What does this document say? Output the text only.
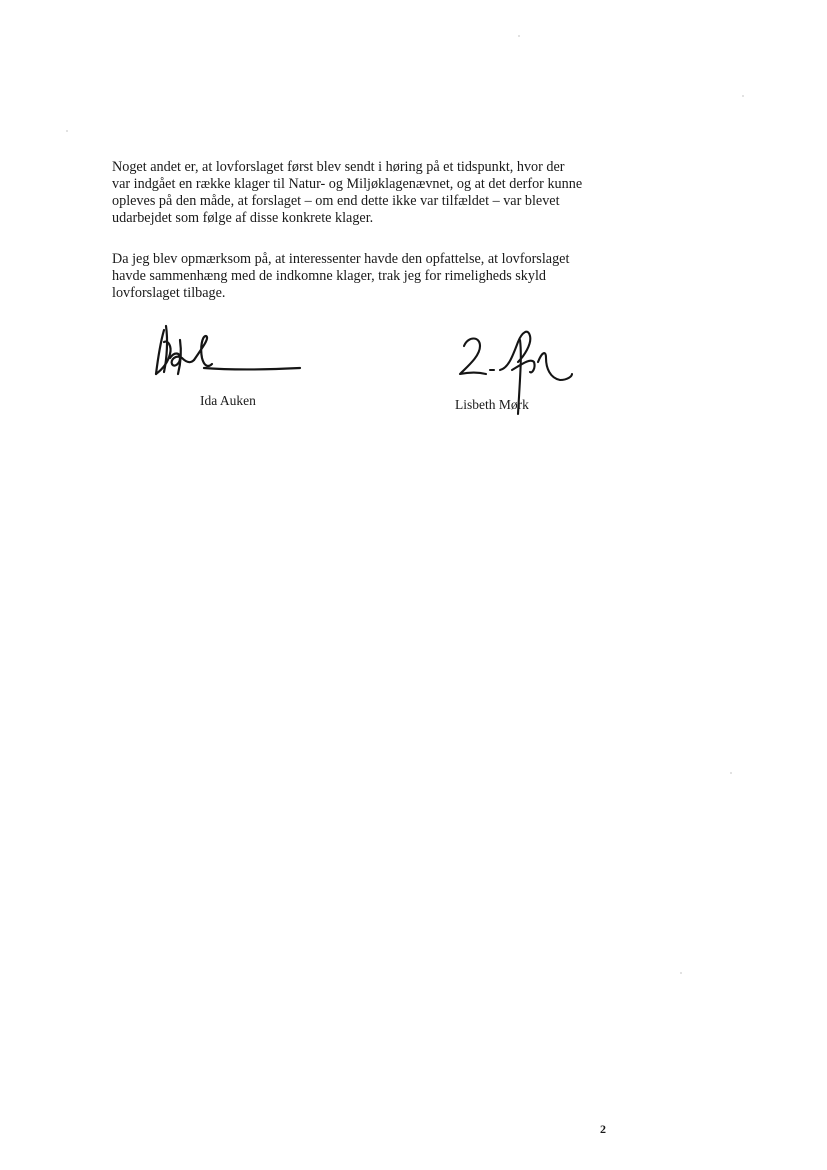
Noget andet er, at lovforslaget først blev sendt i høring på et tidspunkt, hvor der
var indgået en række klager til Natur- og Miljøklagenævnet, og at det derfor kunne
opleves på den måde, at forslaget – om end dette ikke var tilfældet – var blevet
udarbejdet som følge af disse konkrete klager.
Da jeg blev opmærksom på, at interessenter havde den opfattelse, at lovforslaget
havde sammenhæng med de indkomne klager, trak jeg for rimeligheds skyld
lovforslaget tilbage.
Ida Auken	Lisbeth Mørk
2
